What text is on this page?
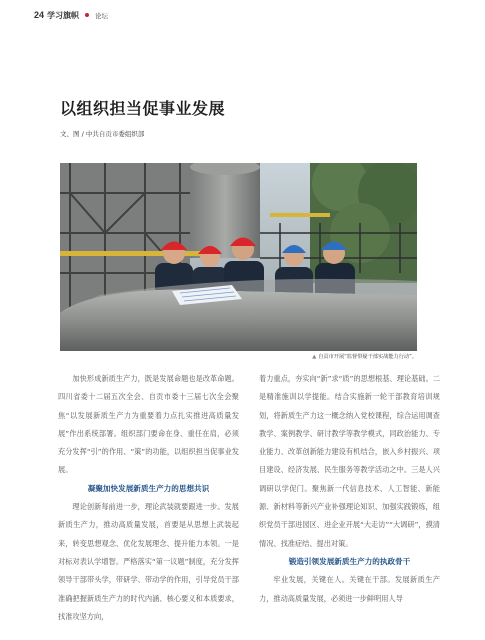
24 学习旗帜 论坛
以组织担当促事业发展
文、图 / 中共自贡市委组织部
▲ 自贡市开展“监督带疑干部实战能力行动”。

加快形成新质生产力，既是发展命题也是改革命题。四川省委十二届五次全会、自贡市委十三届七次全会聚焦“以发展新质生产力为重要着力点扎实推进高质量发展”作出系统部署。组织部门要命在身、重任在肩，必须充分发挥“引”的作用、“策”的功能，以组织担当促事业发展。

凝聚加快发展新质生产力的思想共识

理论创新每前进一步，理论武装就要跟进一步。发展新质生产力，推动高质量发展，首要是从思想上武装起来，转变思想观念、优化发展理念、提升能力本领。一是对标对表认学增智。严格落实“第一议题”制度，充分发挥领导干部带头学，带研学、带动学的作用，引导党员干部准确把握新质生产力的时代内涵、核心要义和本质要求，找准攻坚方向，

着力重点，夯实向“新”求“质”的思想根基、理论基础。二是精准施训以学提能。结合实施新一轮干部教育培训规划，将新质生产力这一概念纳入党校课程，综合运用调查教学、案例教学、研讨教学等教学模式，同政治能力、专业能力、改革创新能力建设有机结合，嵌入乡村振兴、项目建设、经济发展、民生服务等教学活动之中。三是人兴调研以学促门。聚焦新一代信息技术、人工智能、新能源、新材料等新兴产业补强理论知识、加强实践锻炼，组织党员干部进园区、进企业开展“大走访”“大调研”，摸清情况、找准症结、提出对策。

锻造引领发展新质生产力的执政骨干

牢业发展，关键在人。关键在干部。发展新质生产力，推动高质量发展，必须进一步鲜明用人导
